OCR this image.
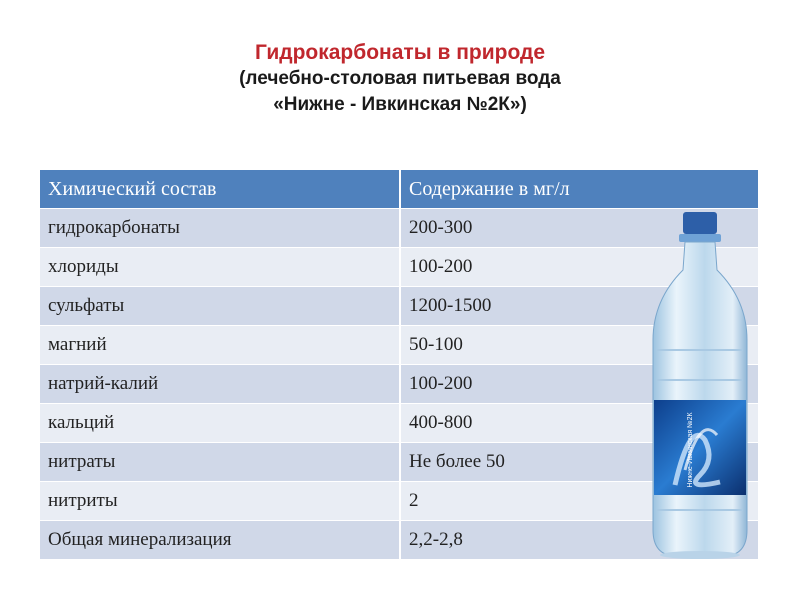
Гидрокарбонаты в природе
(лечебно-столовая питьевая вода
«Нижне - Ивкинская №2К»)
Химический состав	Содержание в мг/л
гидрокарбонаты	200-300
хлориды	100-200
сульфаты	1200-1500
магний	50-100
натрий-калий	100-200
кальций	400-800
нитраты	Не более 50
нитриты	2
Общая минерализация	2,2-2,8
Нижне-Ивкинская №2К
